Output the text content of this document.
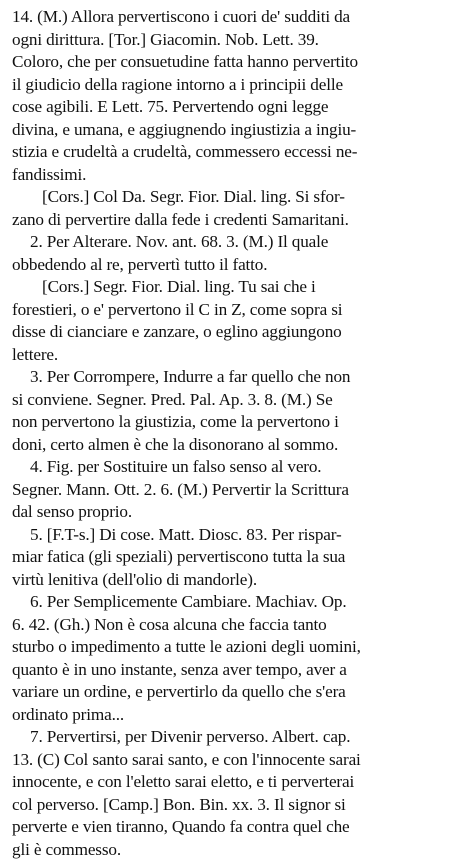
14. (M.) Allora pervertiscono i cuori de' sudditi da
ogni dirittura. [Tor.] Giacomin. Nob. Lett. 39.
Coloro, che per consuetudine fatta hanno pervertito
il giudicio della ragione intorno a i principii delle
cose agibili. E Lett. 75. Pervertendo ogni legge
divina, e umana, e aggiugnendo ingiustizia a ingiu-
stizia e crudeltà a crudeltà, commessero eccessi ne-
fandissimi.
[Cors.] Col Da. Segr. Fior. Dial. ling. Si sfor-
zano di pervertire dalla fede i credenti Samaritani.
2. Per Alterare. Nov. ant. 68. 3. (M.) Il quale
obbedendo al re, pervertì tutto il fatto.
[Cors.] Segr. Fior. Dial. ling. Tu sai che i
forestieri, o e' pervertono il C in Z, come sopra si
disse di cianciare e zanzare, o eglino aggiungono
lettere.
3. Per Corrompere, Indurre a far quello che non
si conviene. Segner. Pred. Pal. Ap. 3. 8. (M.) Se
non pervertono la giustizia, come la pervertono i
doni, certo almen è che la disonorano al sommo.
4. Fig. per Sostituire un falso senso al vero.
Segner. Mann. Ott. 2. 6. (M.) Pervertir la Scrittura
dal senso proprio.
5. [F.T-s.] Di cose. Matt. Diosc. 83. Per rispar-
miar fatica (gli speziali) pervertiscono tutta la sua
virtù lenitiva (dell'olio di mandorle).
6. Per Semplicemente Cambiare. Machiav. Op.
6. 42. (Gh.) Non è cosa alcuna che faccia tanto
sturbo o impedimento a tutte le azioni degli uomini,
quanto è in uno instante, senza aver tempo, aver a
variare un ordine, e pervertirlo da quello che s'era
ordinato prima...
7. Pervertirsi, per Divenir perverso. Albert. cap.
13. (C) Col santo sarai santo, e con l'innocente sarai
innocente, e con l'eletto sarai eletto, e ti perverterai
col perverso. [Camp.] Bon. Bin. xx. 3. Il signor si
perverte e vien tiranno, Quando fa contra quel che
gli è commesso.
